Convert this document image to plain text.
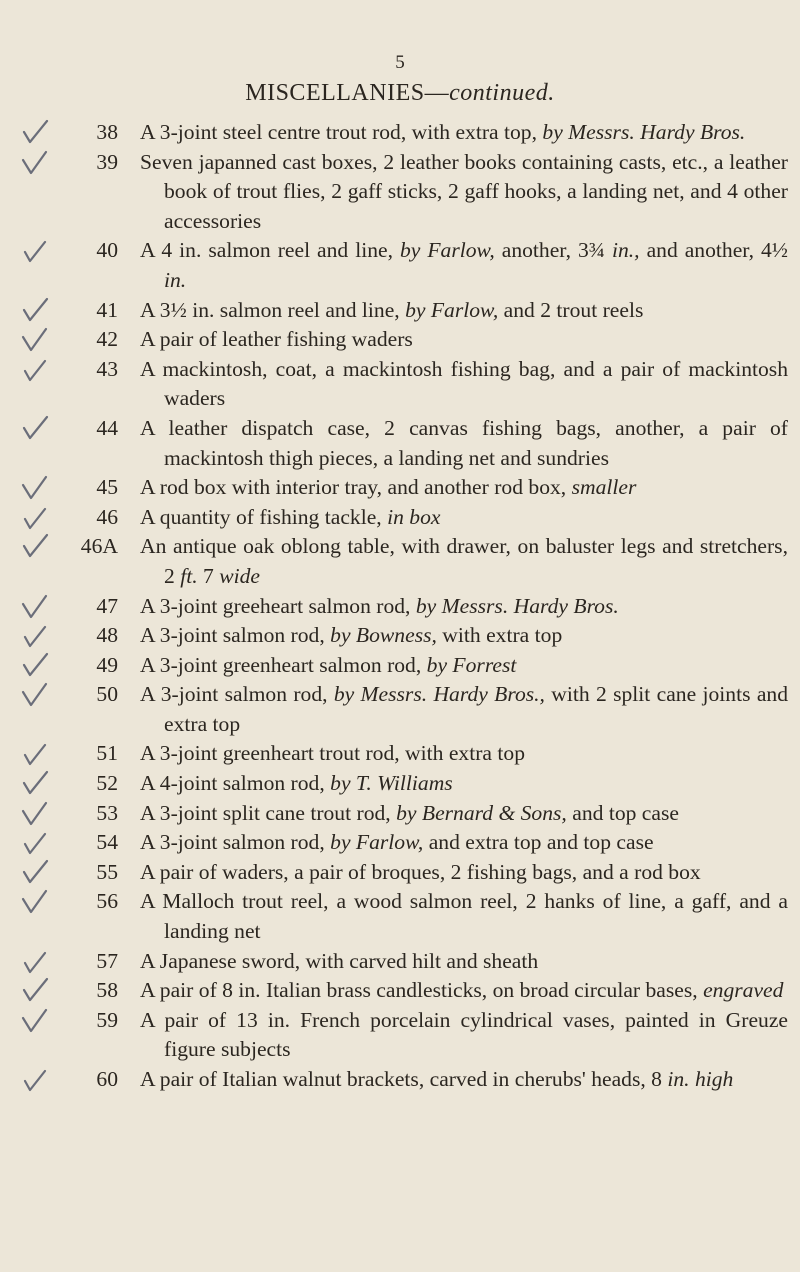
5
MISCELLANIES—continued.
38 A 3-joint steel centre trout rod, with extra top, by Messrs. Hardy Bros.
39 Seven japanned cast boxes, 2 leather books containing casts, etc., a leather book of trout flies, 2 gaff sticks, 2 gaff hooks, a landing net, and 4 other accessories
40 A 4 in. salmon reel and line, by Farlow, another, 3¾ in., and another, 4½ in.
41 A 3½ in. salmon reel and line, by Farlow, and 2 trout reels
42 A pair of leather fishing waders
43 A mackintosh, coat, a mackintosh fishing bag, and a pair of mackintosh waders
44 A leather dispatch case, 2 canvas fishing bags, another, a pair of mackintosh thigh pieces, a landing net and sundries
45 A rod box with interior tray, and another rod box, smaller
46 A quantity of fishing tackle, in box
46A An antique oak oblong table, with drawer, on baluster legs and stretchers, 2 ft. 7 wide
47 A 3-joint greeheart salmon rod, by Messrs. Hardy Bros.
48 A 3-joint salmon rod, by Bowness, with extra top
49 A 3-joint greenheart salmon rod, by Forrest
50 A 3-joint salmon rod, by Messrs. Hardy Bros., with 2 split cane joints and extra top
51 A 3-joint greenheart trout rod, with extra top
52 A 4-joint salmon rod, by T. Williams
53 A 3-joint split cane trout rod, by Bernard & Sons, and top case
54 A 3-joint salmon rod, by Farlow, and extra top and top case
55 A pair of waders, a pair of broques, 2 fishing bags, and a rod box
56 A Malloch trout reel, a wood salmon reel, 2 hanks of line, a gaff, and a landing net
57 A Japanese sword, with carved hilt and sheath
58 A pair of 8 in. Italian brass candlesticks, on broad circular bases, engraved
59 A pair of 13 in. French porcelain cylindrical vases, painted in Greuze figure subjects
60 A pair of Italian walnut brackets, carved in cherubs' heads, 8 in. high
